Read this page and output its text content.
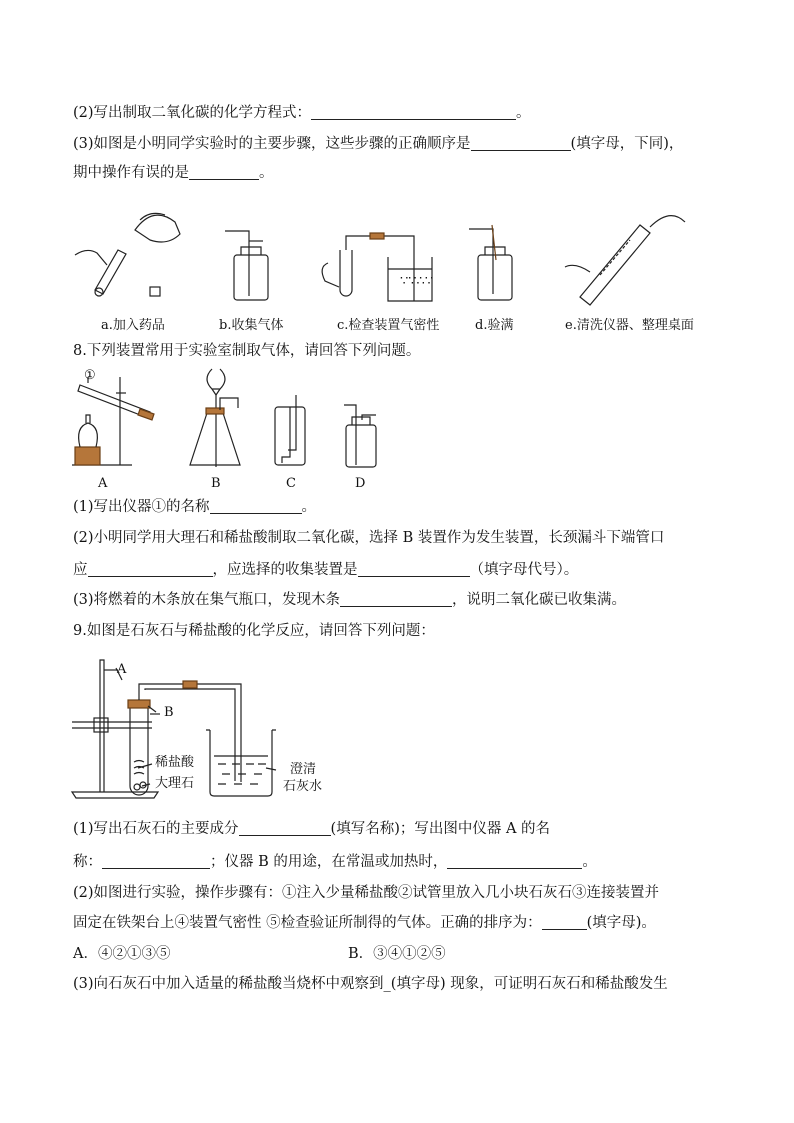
(2)写出制取二氧化碳的化学方程式：	。
(3)如图是小明同学实验时的主要步骤，这些步骤的正确顺序是	(填字母，下同)，
期中操作有误的是	。
∵∵∴∵
a.加入药品	b.收集气体	c.检查装置气密性	d.验满	e.清洗仪器、整理桌面
8.下列装置常用于实验室制取气体，请回答下列问题。
①
A	B	C	D
(1)写出仪器①的名称	。
(2)小明同学用大理石和稀盐酸制取二氧化碳，选择 B 装置作为发生装置，长颈漏斗下端管口
应	，应选择的收集装置是	（填字母代号）。
(3)将燃着的木条放在集气瓶口，发现木条	，说明二氧化碳已收集满。
9.如图是石灰石与稀盐酸的化学反应，请回答下列问题：
A
B
稀盐酸
大理石
澄清
石灰水
(1)写出石灰石的主要成分	(填写名称)；写出图中仪器 A 的名
称：	；仪器 B 的用途，在常温或加热时，	。
(2)如图进行实验，操作步骤有：①注入少量稀盐酸②试管里放入几小块石灰石③连接装置并
固定在铁架台上④装置气密性 ⑤检查验证所制得的气体。正确的排序为：	(填字母)。
A．④②①③⑤	B．③④①②⑤
(3)向石灰石中加入适量的稀盐酸当烧杯中观察到_(填字母) 现象，可证明石灰石和稀盐酸发生
